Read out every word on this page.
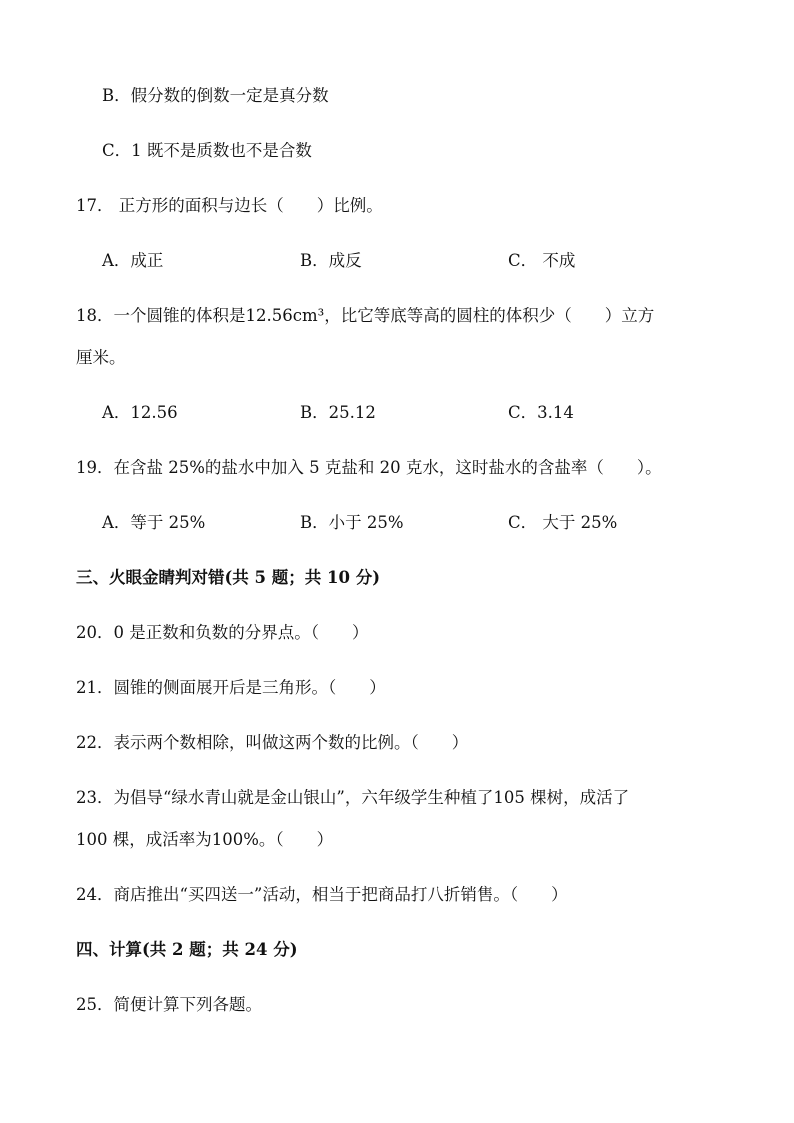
B．假分数的倒数一定是真分数
C．1 既不是质数也不是合数
17． 正方形的面积与边长（　　）比例。
A．成正	B．成反	C． 不成
18．一个圆锥的体积是12.56cm³，比它等底等高的圆柱的体积少（　　）立方
厘米。
A．12.56	B．25.12	C．3.14
19．在含盐 25%的盐水中加入 5 克盐和 20 克水，这时盐水的含盐率（　　）。
A．等于 25%	B．小于 25%	C． 大于 25%
三、火眼金睛判对错(共 5 题；共 10 分)
20．0 是正数和负数的分界点。（　　）
21．圆锥的侧面展开后是三角形。（　　）
22．表示两个数相除，叫做这两个数的比例。（　　）
23．为倡导“绿水青山就是金山银山”，六年级学生种植了105 棵树，成活了
100 棵，成活率为100%。（　　）
24．商店推出“买四送一”活动，相当于把商品打八折销售。（　　）
四、计算(共 2 题；共 24 分)
25．简便计算下列各题。
